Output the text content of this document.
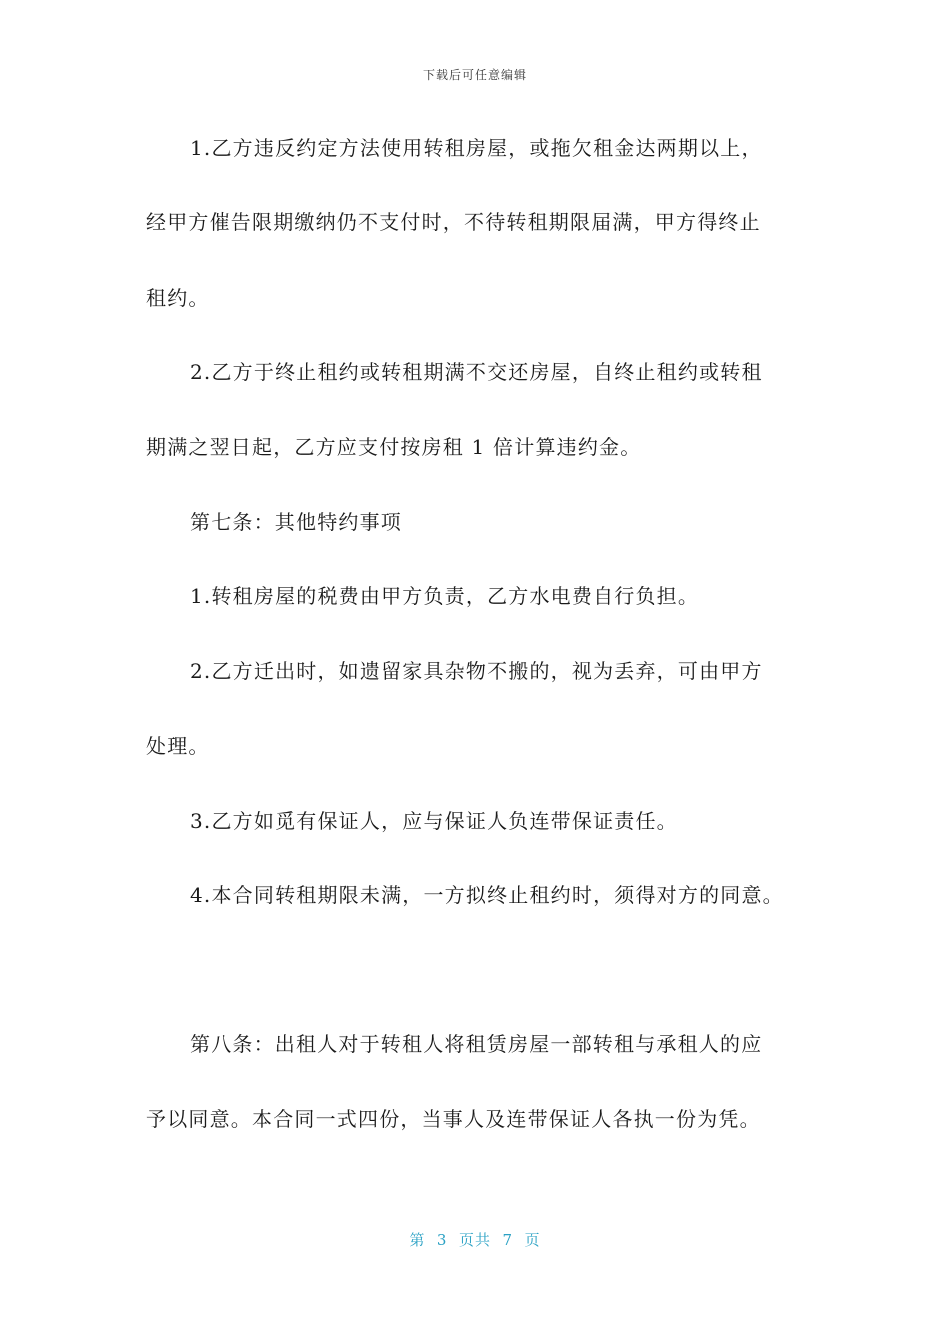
下载后可任意编辑
1.乙方违反约定方法使用转租房屋，或拖欠租金达两期以上，
经甲方催告限期缴纳仍不支付时，不待转租期限届满，甲方得终止
租约。
2.乙方于终止租约或转租期满不交还房屋，自终止租约或转租
期满之翌日起，乙方应支付按房租 1 倍计算违约金。
第七条：其他特约事项
1.转租房屋的税费由甲方负责，乙方水电费自行负担。
2.乙方迁出时，如遗留家具杂物不搬的，视为丢弃，可由甲方
处理。
3.乙方如觅有保证人，应与保证人负连带保证责任。
4.本合同转租期限未满，一方拟终止租约时，须得对方的同意。
第八条：出租人对于转租人将租赁房屋一部转租与承租人的应
予以同意。本合同一式四份，当事人及连带保证人各执一份为凭。
第  3  页共  7  页
